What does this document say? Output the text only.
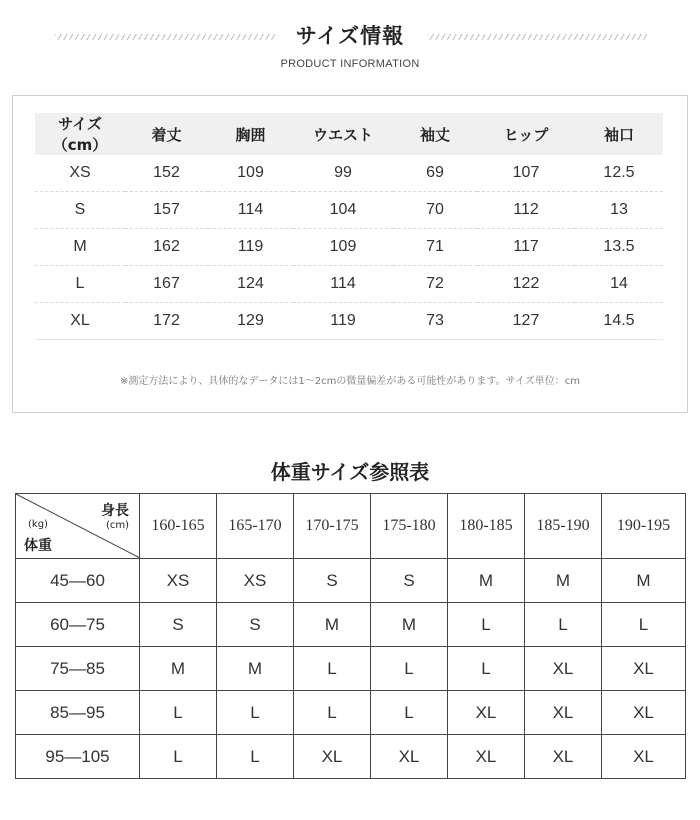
サイズ情報
PRODUCT INFORMATION
サイズ（cm）	着丈	胸囲	ウエスト	袖丈	ヒップ	袖口
XS	152	109	99	69	107	12.5
S	157	114	104	70	112	13
M	162	119	109	71	117	13.5
L	167	124	114	72	122	14
XL	172	129	119	73	127	14.5
※測定方法により、具体的なデータには1～2cmの微量偏差がある可能性があります。サイズ単位：cm
体重サイズ参照表
身長
(cm)
(kg)
体重	160-165	165-170	170-175	175-180	180-185	185-190	190-195
45—60	XS	XS	S	S	M	M	M
60—75	S	S	M	M	L	L	L
75—85	M	M	L	L	L	XL	XL
85—95	L	L	L	L	XL	XL	XL
95—105	L	L	XL	XL	XL	XL	XL
